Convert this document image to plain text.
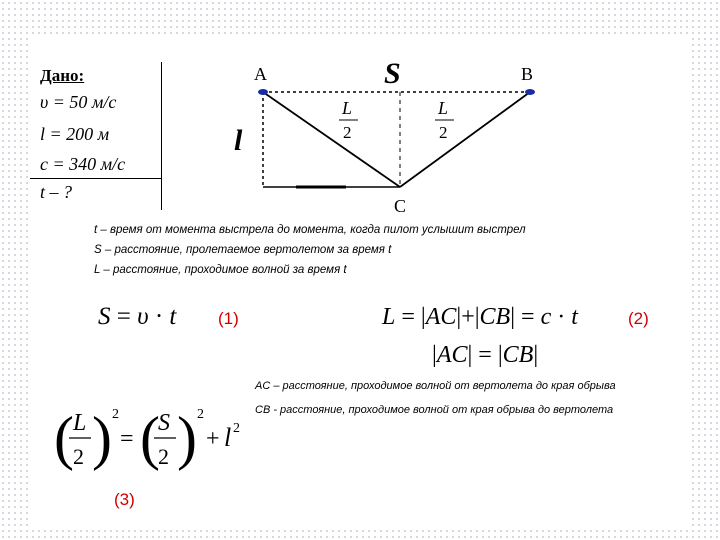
Дано:
υ = 50 м/с
l = 200 м
c = 340 м/с
t – ?
A	B
C
S
l
L
2
L
2
t – время от момента выстрела до момента, когда пилот услышит выстрел
S – расстояние, пролетаемое вертолетом за время t
L – расстояние, проходимое волной за время t
S = υ · t (1)	L = |AC|+|CB| = c · t
|AC| = |CB|
(2)
AC – расстояние, проходимое волной от вертолета до края обрыва
CB - расстояние, проходимое волной от края обрыва до вертолета
( L
2 ) 2
= (
S
2 ) 2
+ l 2
(3)
